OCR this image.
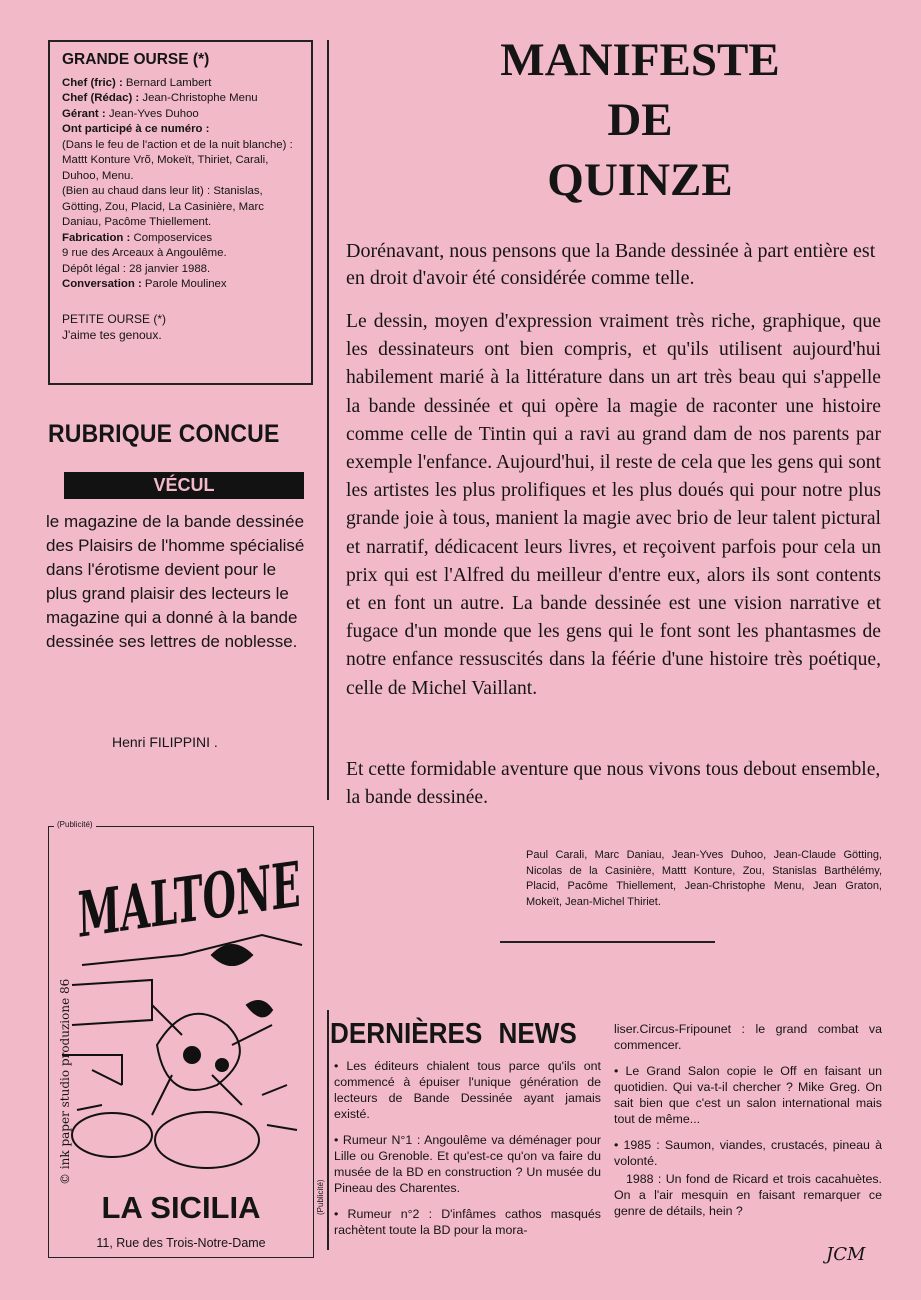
GRANDE OURSE (*)
Chef (fric) : Bernard Lambert
Chef (Rédac) : Jean-Christophe Menu
Gérant : Jean-Yves Duhoo
Ont participé à ce numéro :
(Dans le feu de l'action et de la nuit blanche) : Mattt Konture Vrõ, Mokeït, Thiriet, Carali, Duhoo, Menu.
(Bien au chaud dans leur lit) : Stanislas, Götting, Zou, Placid, La Casinière, Marc Daniau, Pacôme Thiellement.
Fabrication : Composervices
9 rue des Arceaux à Angoulême.
Dépôt légal : 28 janvier 1988.
Conversation : Parole Moulinex
PETITE OURSE (*)
J'aime tes genoux.
RUBRIQUE CONCUE
VÉCUL
le magazine de la bande dessinée des Plaisirs de l'homme spécialisé dans l'érotisme devient pour le plus grand plaisir des lecteurs le magazine qui a donné à la bande dessinée ses lettres de noblesse.
Henri FILIPPINI .
(Publicité)
(Publicité)
MALTONE
© ink paper studio produzione 86
LA SICILIA
11, Rue des Trois-Notre-Dame
MANIFESTE
DE
QUINZE
Dorénavant, nous pensons que la Bande dessinée à part entière est en droit d'avoir été considérée comme telle.
Le dessin, moyen d'expression vraiment très riche, graphique, que les dessinateurs ont bien compris, et qu'ils utilisent aujourd'hui habilement marié à la littérature dans un art très beau qui s'appelle la bande dessinée et qui opère la magie de raconter une histoire comme celle de Tintin qui a ravi au grand dam de nos parents par exemple l'enfance. Aujourd'hui, il reste de cela que les gens qui sont les artistes les plus prolifiques et les plus doués qui pour notre plus grande joie à tous, manient la magie avec brio de leur talent pictural et narratif, dédicacent leurs livres, et reçoivent parfois pour cela un prix qui est l'Alfred du meilleur d'entre eux, alors ils sont contents et en font un autre. La bande dessinée est une vision narrative et fugace d'un monde que les gens qui le font sont les phantasmes de notre enfance ressuscités dans la féérie d'une histoire très poétique, celle de Michel Vaillant.
Et cette formidable aventure que nous vivons tous debout ensemble, la bande dessinée.
Paul Carali, Marc Daniau, Jean-Yves Duhoo, Jean-Claude Götting, Nicolas de la Casinière, Mattt Konture, Zou, Stanislas Barthélémy, Placid, Pacôme Thiellement, Jean-Christophe Menu, Jean Graton, Mokeït, Jean-Michel Thiriet.
DERNIÈRES NEWS
• Les éditeurs chialent tous parce qu'ils ont commencé à épuiser l'unique génération de lecteurs de Bande Dessinée ayant jamais existé.
• Rumeur N°1 : Angoulême va déménager pour Lille ou Grenoble. Et qu'est-ce qu'on va faire du musée de la BD en construction ? Un musée du Pineau des Charentes.
• Rumeur n°2 : D'infâmes cathos masqués rachètent toute la BD pour la mora-
liser.Circus-Fripounet : le grand combat va commencer.
• Le Grand Salon copie le Off en faisant un quotidien. Qui va-t-il chercher ? Mike Greg. On sait bien que c'est un salon international mais tout de même...
• 1985 : Saumon, viandes, crustacés, pineau à volonté.
1988 : Un fond de Ricard et trois cacahuètes. On a l'air mesquin en faisant remarquer ce genre de détails, hein ?
JCM
